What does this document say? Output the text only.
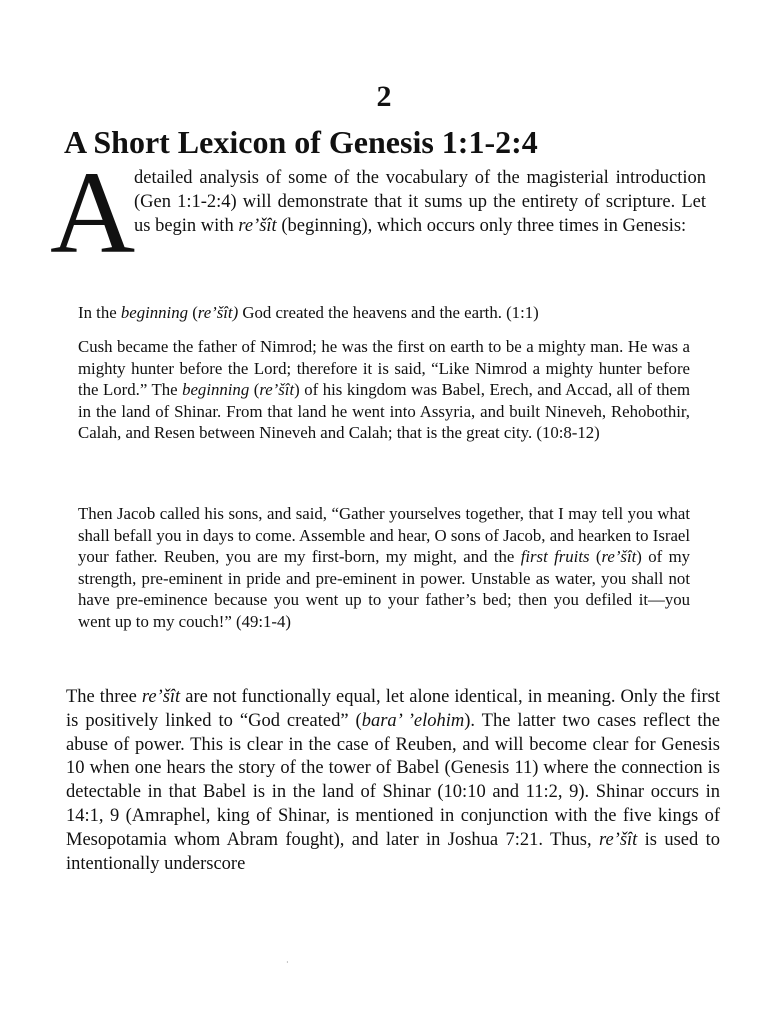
2
A Short Lexicon of Genesis 1:1-2:4
A
detailed analysis of some of the vocabulary of the magisterial introduction (Gen 1:1-2:4) will demonstrate that it sums up the entirety of scripture. Let us begin with re’šît (beginning), which occurs only three times in Genesis:
In the beginning (re’šît) God created the heavens and the earth. (1:1)
Cush became the father of Nimrod; he was the first on earth to be a mighty man. He was a mighty hunter before the Lord; therefore it is said, “Like Nimrod a mighty hunter before the Lord.” The beginning (re’šît) of his kingdom was Babel, Erech, and Accad, all of them in the land of Shinar. From that land he went into Assyria, and built Nineveh, Rehobothir, Calah, and Resen between Nineveh and Calah; that is the great city. (10:8-12)
Then Jacob called his sons, and said, “Gather yourselves together, that I may tell you what shall befall you in days to come. Assemble and hear, O sons of Jacob, and hearken to Israel your father. Reuben, you are my first-born, my might, and the first fruits (re’šît) of my strength, pre-eminent in pride and pre-eminent in power. Unstable as water, you shall not have pre-eminence because you went up to your father’s bed; then you defiled it—you went up to my couch!” (49:1-4)
The three re’šît are not functionally equal, let alone identical, in meaning. Only the first is positively linked to “God created” (bara’ ’elohim). The latter two cases reflect the abuse of power. This is clear in the case of Reuben, and will become clear for Genesis 10 when one hears the story of the tower of Babel (Genesis 11) where the connection is detectable in that Babel is in the land of Shinar (10:10 and 11:2, 9). Shinar occurs in 14:1, 9 (Amraphel, king of Shinar, is mentioned in conjunction with the five kings of Mesopotamia whom Abram fought), and later in Joshua 7:21. Thus, re’šît is used to intentionally underscore
·
